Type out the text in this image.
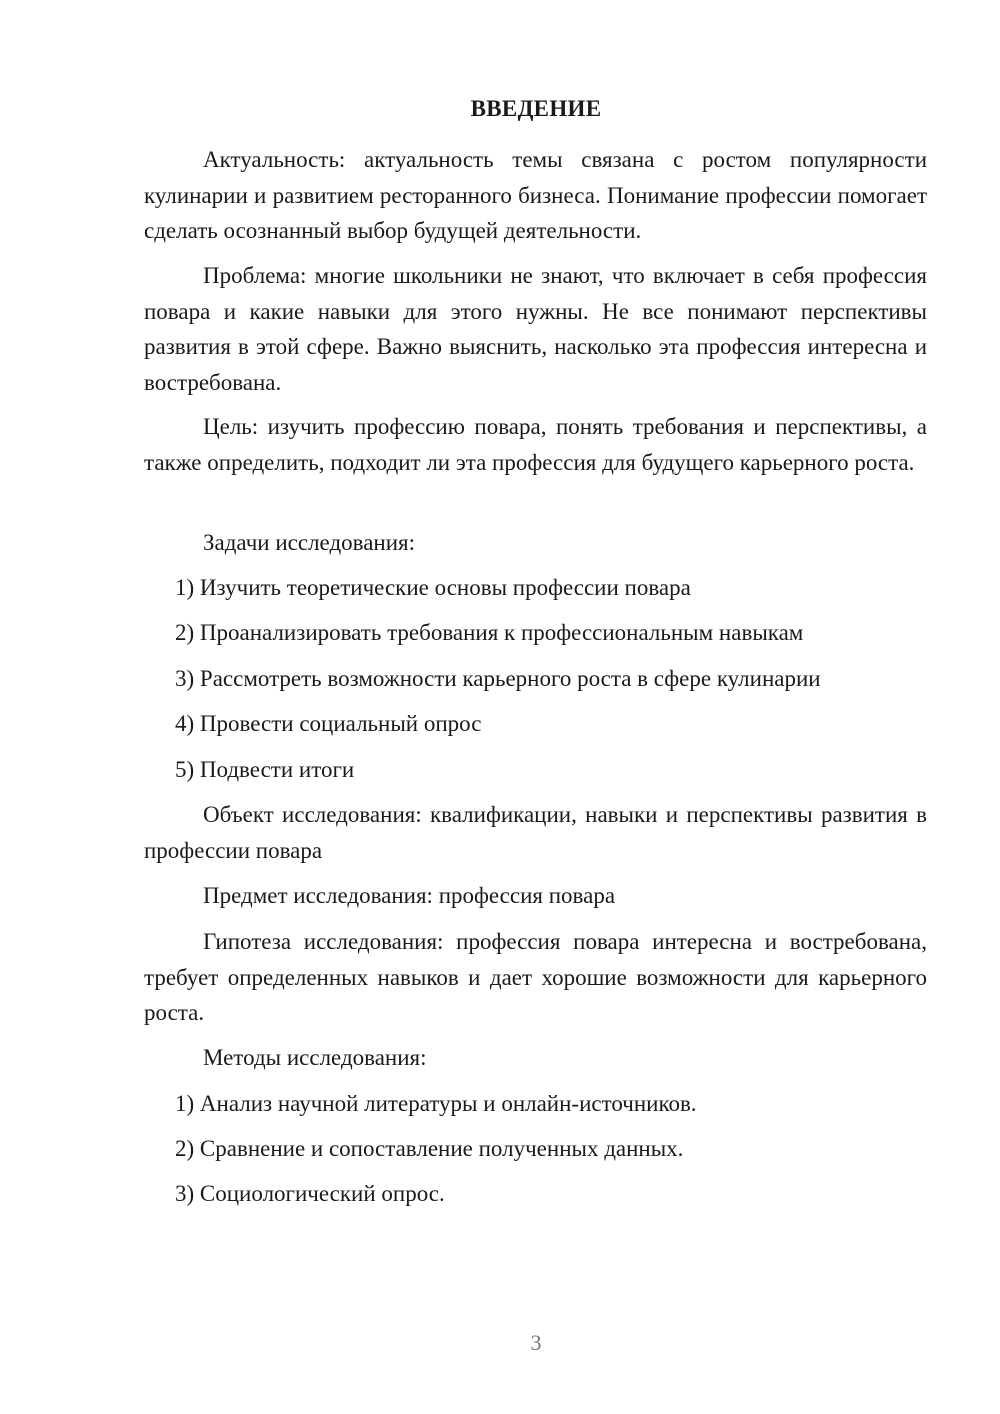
ВВЕДЕНИЕ
Актуальность: актуальность темы связана с ростом популярности кулинарии и развитием ресторанного бизнеса. Понимание профессии помогает сделать осознанный выбор будущей деятельности.
Проблема: многие школьники не знают, что включает в себя профессия повара и какие навыки для этого нужны. Не все понимают перспективы развития в этой сфере. Важно выяснить, насколько эта профессия интересна и востребована.
Цель: изучить профессию повара, понять требования и перспективы, а также определить, подходит ли эта профессия для будущего карьерного роста.
Задачи исследования:
1) Изучить теоретические основы профессии повара
2) Проанализировать требования к профессиональным навыкам
3) Рассмотреть возможности карьерного роста в сфере кулинарии
4) Провести социальный опрос
5) Подвести итоги
Объект исследования: квалификации, навыки и перспективы развития в профессии повара
Предмет исследования: профессия повара
Гипотеза исследования: профессия повара интересна и востребована, требует определенных навыков и дает хорошие возможности для карьерного роста.
Методы исследования:
1) Анализ научной литературы и онлайн-источников.
2) Сравнение и сопоставление полученных данных.
3) Социологический опрос.
3
